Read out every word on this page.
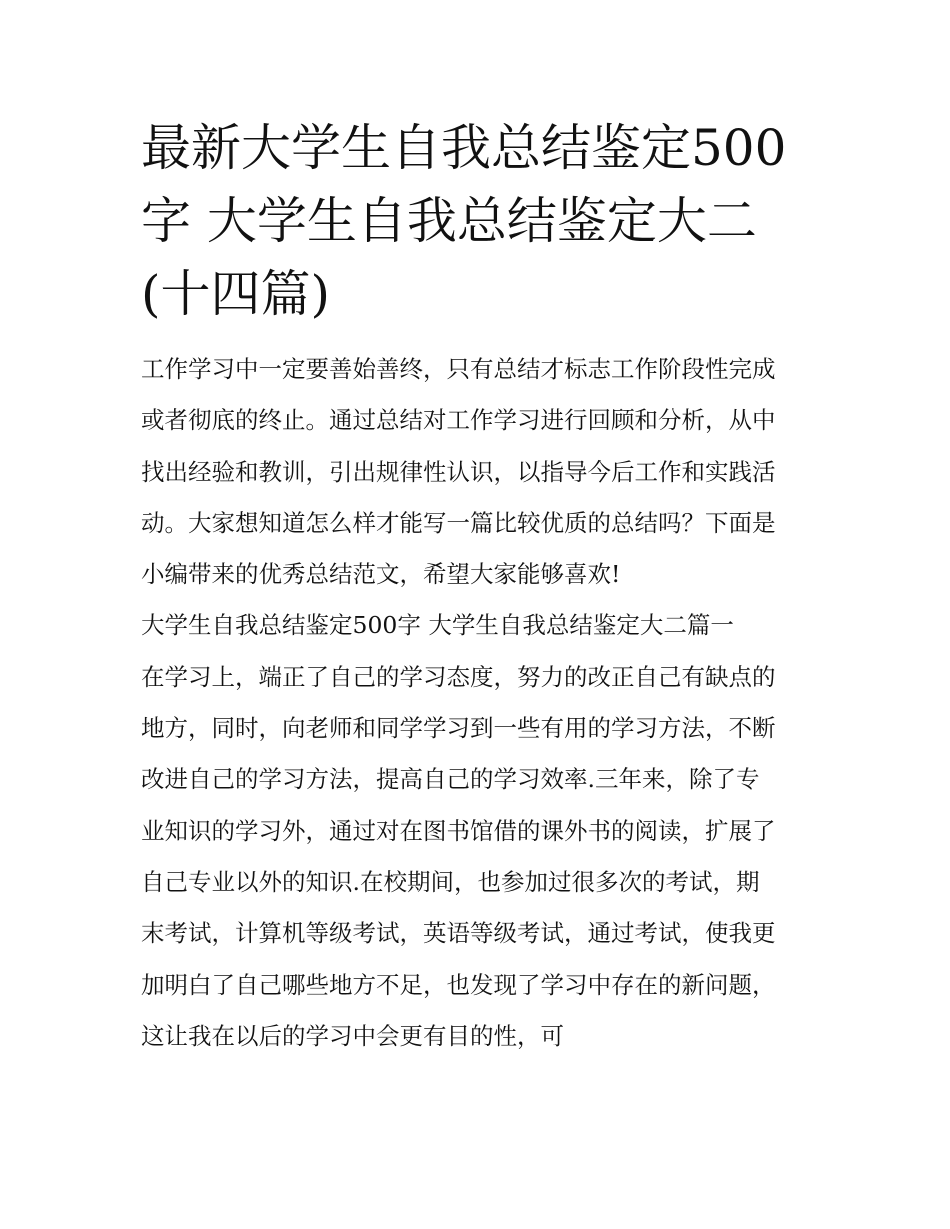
最新大学生自我总结鉴定500
字 大学生自我总结鉴定大二
(十四篇)

工作学习中一定要善始善终，只有总结才标志工作阶段性完成
或者彻底的终止。通过总结对工作学习进行回顾和分析，从中
找出经验和教训，引出规律性认识，以指导今后工作和实践活
动。大家想知道怎么样才能写一篇比较优质的总结吗？下面是
小编带来的优秀总结范文，希望大家能够喜欢!

大学生自我总结鉴定500字 大学生自我总结鉴定大二篇一

在学习上，端正了自己的学习态度，努力的改正自己有缺点的
地方，同时，向老师和同学学习到一些有用的学习方法，不断
改进自己的学习方法，提高自己的学习效率.三年来，除了专
业知识的学习外，通过对在图书馆借的课外书的阅读，扩展了
自己专业以外的知识.在校期间，也参加过很多次的考试，期
末考试，计算机等级考试，英语等级考试，通过考试，使我更
加明白了自己哪些地方不足，也发现了学习中存在的新问题，
这让我在以后的学习中会更有目的性，可
